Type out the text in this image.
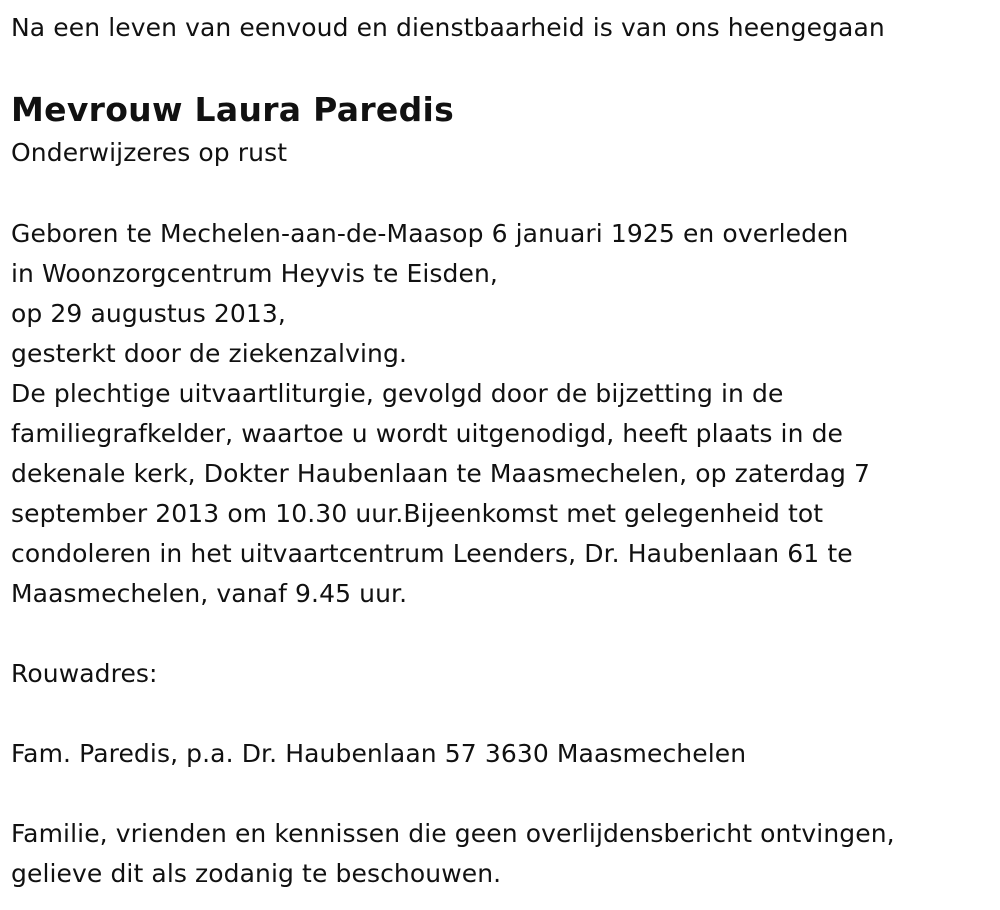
Na een leven van eenvoud en dienstbaarheid is van ons heengegaan
Mevrouw Laura Paredis
Onderwijzeres op rust
Geboren te Mechelen-aan-de-Maasop 6 januari 1925 en overleden
in Woonzorgcentrum Heyvis te Eisden,
op 29 augustus 2013,
gesterkt door de ziekenzalving.
De plechtige uitvaartliturgie, gevolgd door de bijzetting in de
familiegrafkelder, waartoe u wordt uitgenodigd, heeft plaats in de
dekenale kerk, Dokter Haubenlaan te Maasmechelen, op zaterdag 7
september 2013 om 10.30 uur.Bijeenkomst met gelegenheid tot
condoleren in het uitvaartcentrum Leenders, Dr. Haubenlaan 61 te
Maasmechelen, vanaf 9.45 uur.
Rouwadres:
Fam. Paredis, p.a. Dr. Haubenlaan 57 3630 Maasmechelen
Familie, vrienden en kennissen die geen overlijdensbericht ontvingen,
gelieve dit als zodanig te beschouwen.
